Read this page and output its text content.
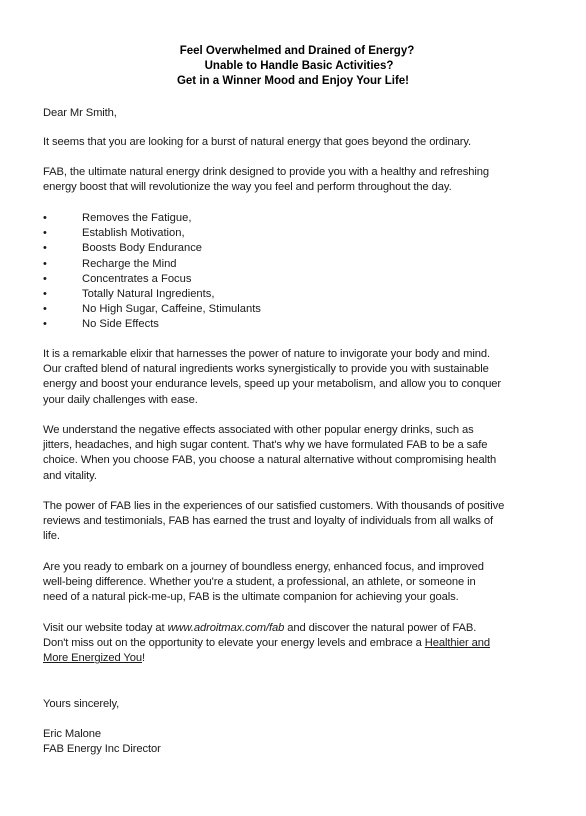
Feel Overwhelmed and Drained of Energy?
Unable to Handle Basic Activities?
Get in a Winner Mood and Enjoy Your Life!
Dear Mr Smith,
It seems that you are looking for a burst of natural energy that goes beyond the ordinary.
FAB, the ultimate natural energy drink designed to provide you with a healthy and refreshing
energy boost that will revolutionize the way you feel and perform throughout the day.
•	Removes the Fatigue,
•	Establish Motivation,
•	Boosts Body Endurance
•	Recharge the Mind
•	Concentrates a Focus
•	Totally Natural Ingredients,
•	No High Sugar, Caffeine, Stimulants
•	No Side Effects
It is a remarkable elixir that harnesses the power of nature to invigorate your body and mind.
Our crafted blend of natural ingredients works synergistically to provide you with sustainable
energy and boost your endurance levels, speed up your metabolism, and allow you to conquer
your daily challenges with ease.
We understand the negative effects associated with other popular energy drinks, such as
jitters, headaches, and high sugar content. That's why we have formulated FAB to be a safe
choice. When you choose FAB, you choose a natural alternative without compromising health
and vitality.
The power of FAB lies in the experiences of our satisfied customers. With thousands of positive
reviews and testimonials, FAB has earned the trust and loyalty of individuals from all walks of
life.
Are you ready to embark on a journey of boundless energy, enhanced focus, and improved
well-being difference. Whether you're a student, a professional, an athlete, or someone in
need of a natural pick-me-up, FAB is the ultimate companion for achieving your goals.
Visit our website today at www.adroitmax.com/fab and discover the natural power of FAB.
Don't miss out on the opportunity to elevate your energy levels and embrace a Healthier and
More Energized You!
Yours sincerely,
Eric Malone
FAB Energy Inc Director
